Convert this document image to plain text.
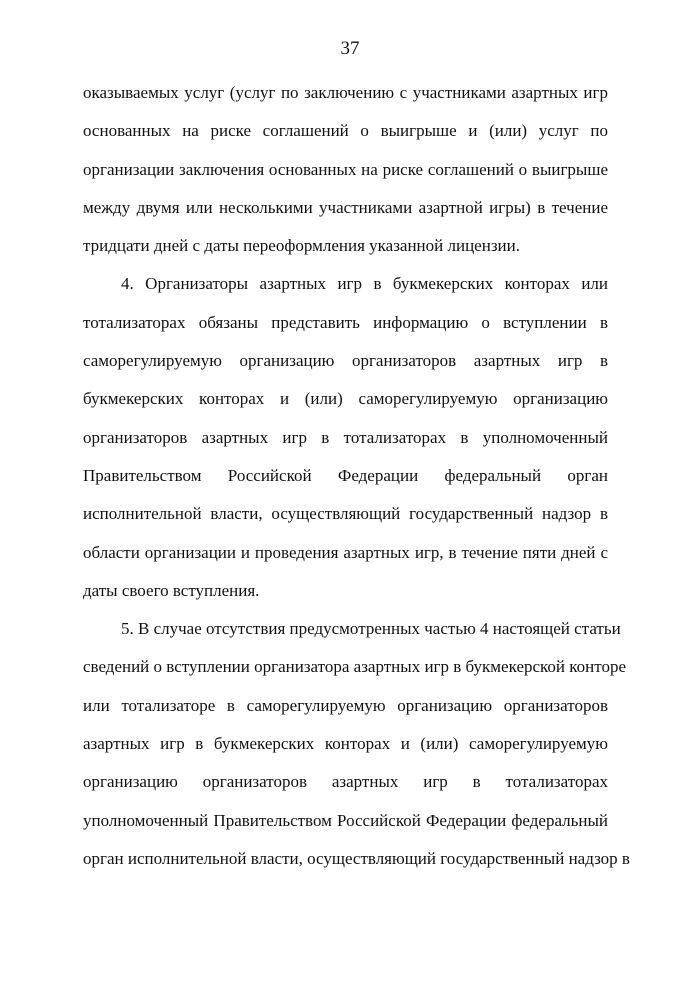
37
оказываемых услуг (услуг по заключению с участниками азартных игр
основанных на риске соглашений о выигрыше и (или) услуг по
организации заключения основанных на риске соглашений о выигрыше
между двумя или несколькими участниками азартной игры) в течение
тридцати дней с даты переоформления указанной лицензии.
4. Организаторы азартных игр в букмекерских конторах или
тотализаторах обязаны представить информацию о вступлении в
саморегулируемую организацию организаторов азартных игр в
букмекерских конторах и (или) саморегулируемую организацию
организаторов азартных игр в тотализаторах в уполномоченный
Правительством Российской Федерации федеральный орган
исполнительной власти, осуществляющий государственный надзор в
области организации и проведения азартных игр, в течение пяти дней с
даты своего вступления.
5. В случае отсутствия предусмотренных частью 4 настоящей статьи
сведений о вступлении организатора азартных игр в букмекерской конторе
или тотализаторе в саморегулируемую организацию организаторов
азартных игр в букмекерских конторах и (или) саморегулируемую
организацию организаторов азартных игр в тотализаторах
уполномоченный Правительством Российской Федерации федеральный
орган исполнительной власти, осуществляющий государственный надзор в
